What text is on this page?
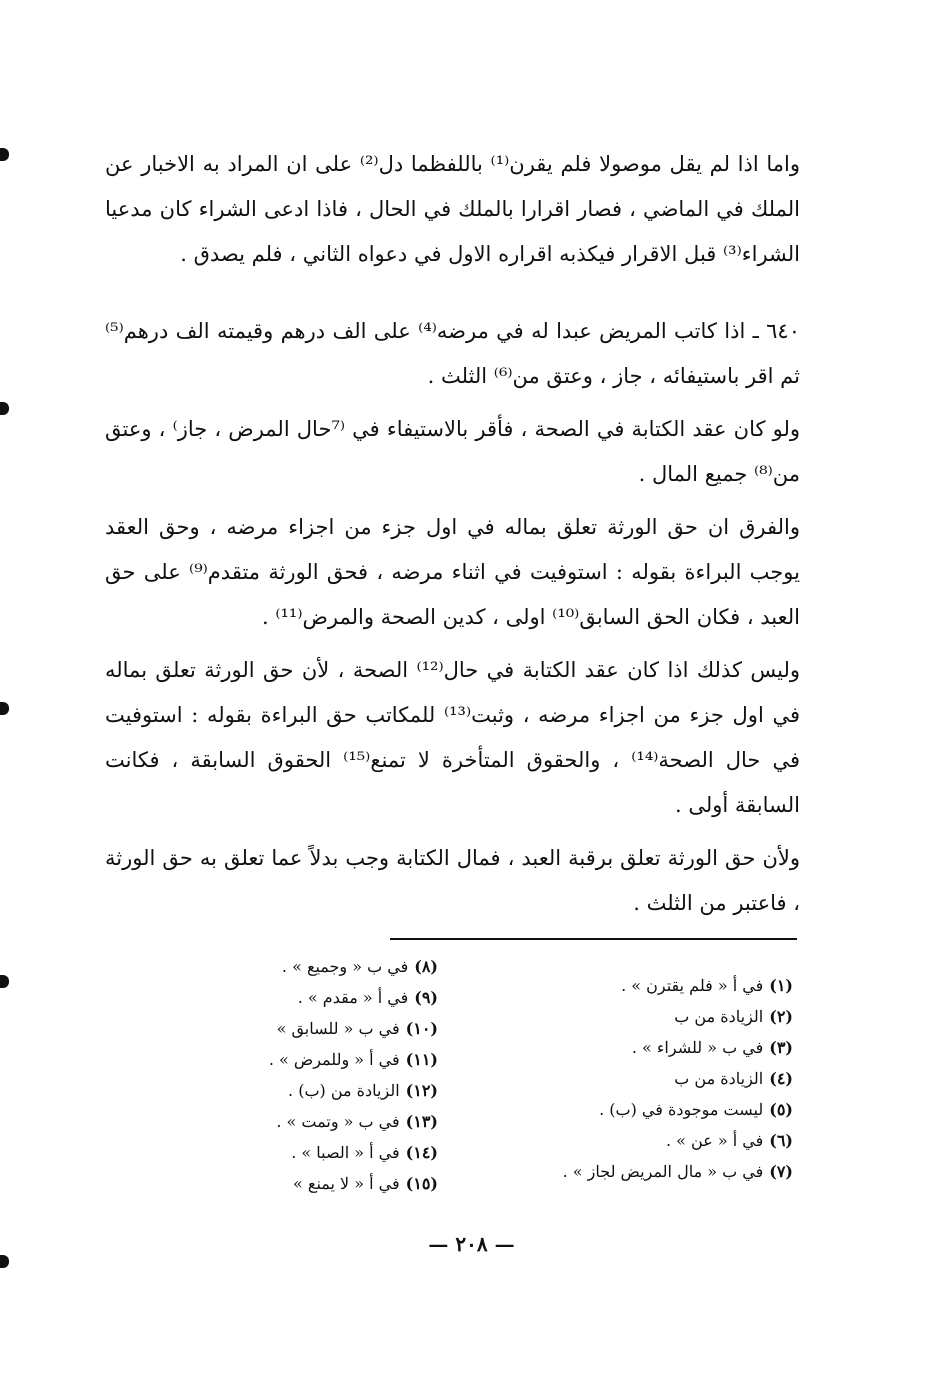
واما اذا لم يقل موصولا فلم يقرن⁽¹⁾ باللفظما دل⁽²⁾ على ان المراد به الاخبار عن الملك في الماضي ، فصار اقرارا بالملك في الحال ، فاذا ادعى الشراء كان مدعيا الشراء⁽³⁾ قبل الاقرار فيكذبه اقراره الاول في دعواه الثاني ، فلم يصدق .

٦٤٠ ـ اذا كاتب المريض عبدا له في مرضه⁽⁴⁾ على الف درهم وقيمته الف درهم⁽⁵⁾ ثم اقر باستيفائه ، جاز ، وعتق من⁽⁶⁾ الثلث .

ولو كان عقد الكتابة في الصحة ، فأقر بالاستيفاء في ⁽⁷حال المرض ، جاز⁾ ، وعتق من⁽⁸⁾ جميع المال .

والفرق ان حق الورثة تعلق بماله في اول جزء من اجزاء مرضه ، وحق العقد يوجب البراءة بقوله : استوفيت في اثناء مرضه ، فحق الورثة متقدم⁽⁹⁾ على حق العبد ، فكان الحق السابق⁽¹⁰⁾ اولى ، كدين الصحة والمرض⁽¹¹⁾ .

وليس كذلك اذا كان عقد الكتابة في حال⁽¹²⁾ الصحة ، لأن حق الورثة تعلق بماله في اول جزء من اجزاء مرضه ، وثبت⁽¹³⁾ للمكاتب حق البراءة بقوله : استوفيت في حال الصحة⁽¹⁴⁾ ، والحقوق المتأخرة لا تمنع⁽¹⁵⁾ الحقوق السابقة ، فكانت السابقة أولى .

ولأن حق الورثة تعلق برقبة العبد ، فمال الكتابة وجب بدلاً عما تعلق به حق الورثة ، فاعتبر من الثلث .

(١)في أ « فلم يقترن » .
(٢)الزيادة من ب
(٣)في ب « للشراء » .
(٤)الزيادة من ب
(٥)ليست موجودة في (ب) .
(٦)في أ « عن » .
(٧)في ب « مال المريض لجاز » .
(٨)في ب « وجميع » .
(٩)في أ « مقدم » .
(١٠)في ب « للسابق »
(١١)في أ « وللمرض » .
(١٢)الزيادة من (ب) .
(١٣)في ب « وتمت » .
(١٤)في أ « الصبا » .
(١٥)في أ « لا يمنع »
— ٢٠٨ —
